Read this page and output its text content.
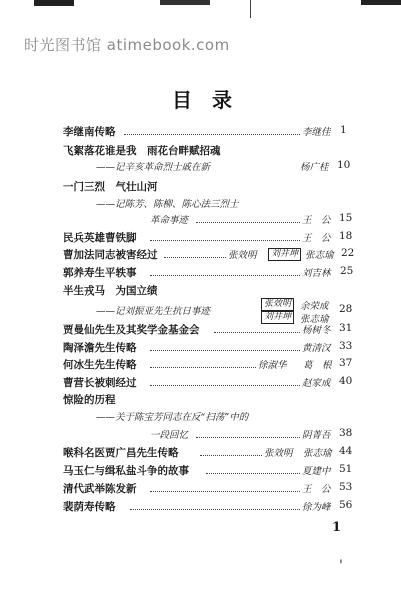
时光图书馆 atimebook.com
目录
李继南传略	李继佳 1
飞絮落花谁是我　雨花台畔赋招魂
——记辛亥革命烈士戚在新	杨广桂 10
一门三烈　气壮山河
——记陈芳、陈柳、陈心法三烈士
革命事迹	王　公 15
民兵英雄曹铁脚	王　公 18
曹加法同志被害经过	张效明	刘井坤 张志瑜 22
郭养寿生平轶事	刘吉林 25
半生戎马　为国立绩
张效明 余荣成
——记刘振亚先生抗日事迹	28
刘井坤 张志瑜
贾曼仙先生及其奖学金基金会	杨树冬 31
陶泽澹先生传略	黄清汉 33
何冰生先生传略	徐淑华 葛　根 37
曹营长被刺经过	赵家成 40
惊险的历程
——关于陈宝芳同志在反“扫荡”中的
一段回忆	阴菁吾 38
喉科名医贾广昌先生传略	张效明 张志瑜 44
马玉仁与缉私盐斗争的故事	夏建中 51
清代武举陈发新	王　公 53
裴荫寿传略	徐为峰 56
1
'
